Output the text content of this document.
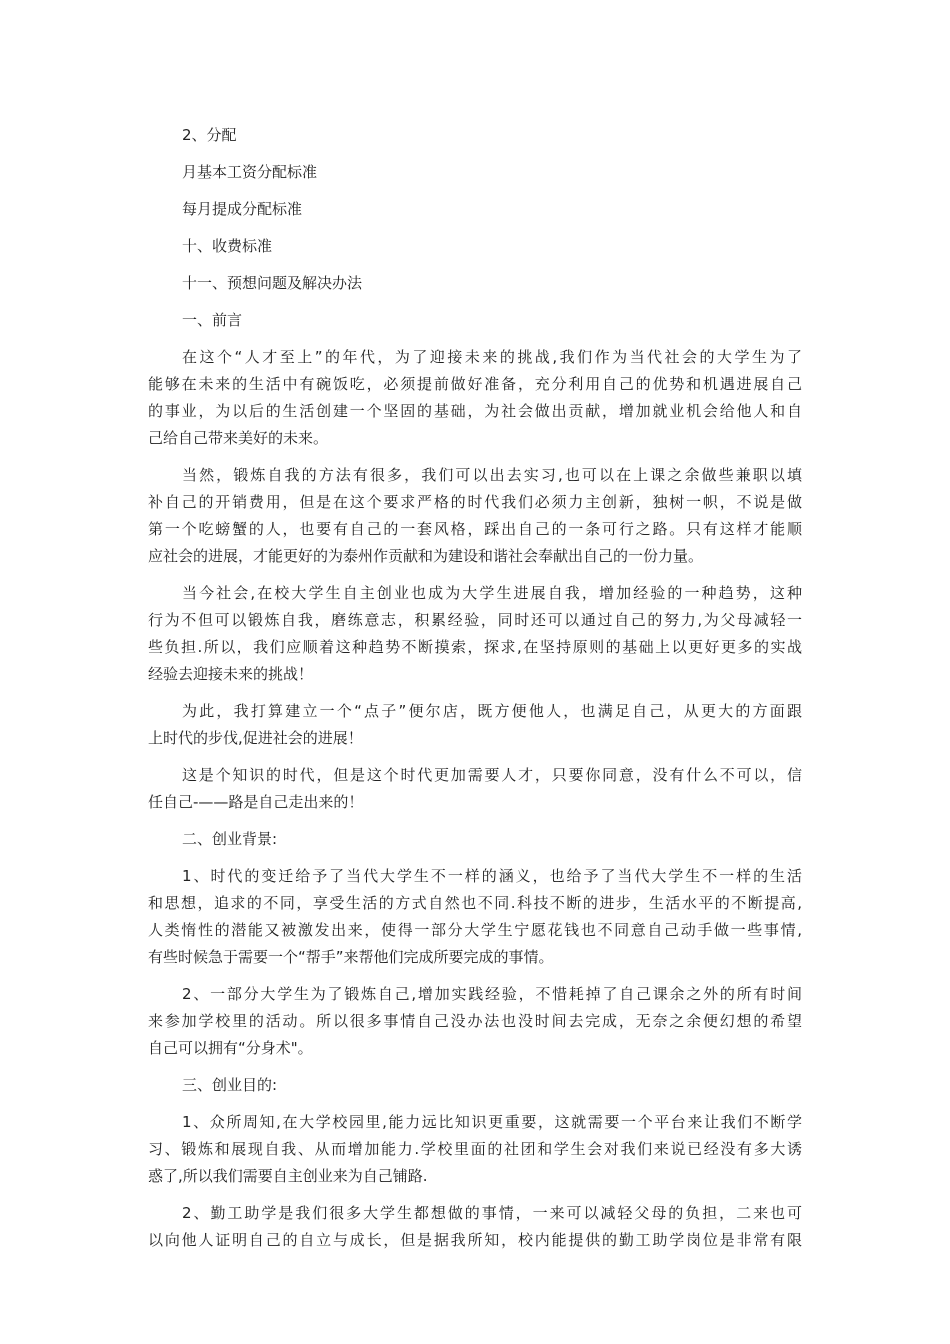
2、分配

月基本工资分配标准

每月提成分配标准

十、收费标准

十一、预想问题及解决办法

一、前言

在这个“人才至上”的年代，为了迎接未来的挑战,我们作为当代社会的大学生为了
能够在未来的生活中有碗饭吃，必须提前做好准备，充分利用自己的优势和机遇进展自己
的事业，为以后的生活创建一个坚固的基础，为社会做出贡献，增加就业机会给他人和自
己给自己带来美好的未来。
当然，锻炼自我的方法有很多，我们可以出去实习,也可以在上课之余做些兼职以填
补自己的开销费用，但是在这个要求严格的时代我们必须力主创新，独树一帜，不说是做
第一个吃螃蟹的人，也要有自己的一套风格，踩出自己的一条可行之路。只有这样才能顺
应社会的进展，才能更好的为泰州作贡献和为建设和谐社会奉献出自己的一份力量。
当今社会,在校大学生自主创业也成为大学生进展自我，增加经验的一种趋势，这种
行为不但可以锻炼自我，磨练意志，积累经验，同时还可以通过自己的努力,为父母减轻一
些负担.所以，我们应顺着这种趋势不断摸索，探求,在坚持原则的基础上以更好更多的实战
经验去迎接未来的挑战！
为此，我打算建立一个“点子”便尔店，既方便他人，也满足自己，从更大的方面跟
上时代的步伐,促进社会的进展！
这是个知识的时代，但是这个时代更加需要人才，只要你同意，没有什么不可以，信
任自己-——路是自己走出来的！

二、创业背景:

1、时代的变迁给予了当代大学生不一样的涵义，也给予了当代大学生不一样的生活
和思想，追求的不同，享受生活的方式自然也不同.科技不断的进步，生活水平的不断提高,
人类惰性的潜能又被激发出来，使得一部分大学生宁愿花钱也不同意自己动手做一些事情,
有些时候急于需要一个“帮手”来帮他们完成所要完成的事情。
2、一部分大学生为了锻炼自己,增加实践经验，不惜耗掉了自己课余之外的所有时间
来参加学校里的活动。所以很多事情自己没办法也没时间去完成，无奈之余便幻想的希望
自己可以拥有“分身术"。

三、创业目的:

1、众所周知,在大学校园里,能力远比知识更重要，这就需要一个平台来让我们不断学
习、锻炼和展现自我、从而增加能力.学校里面的社团和学生会对我们来说已经没有多大诱
惑了,所以我们需要自主创业来为自己铺路.
2、勤工助学是我们很多大学生都想做的事情，一来可以减轻父母的负担，二来也可
以向他人证明自己的自立与成长，但是据我所知，校内能提供的勤工助学岗位是非常有限
